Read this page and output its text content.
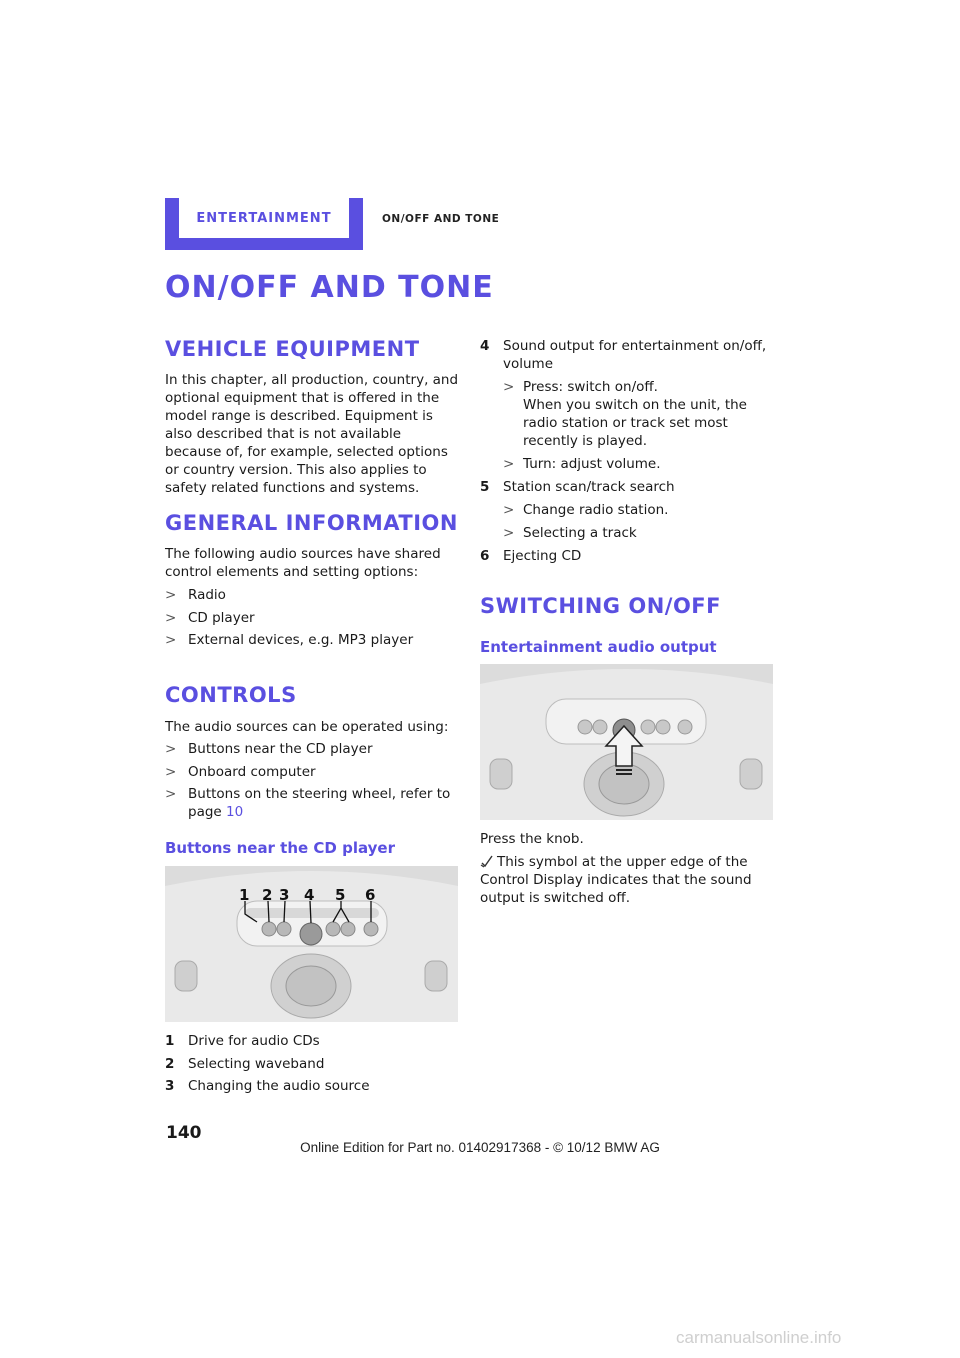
ENTERTAINMENT	ON/OFF AND TONE
ON/OFF AND TONE
VEHICLE EQUIPMENT

In this chapter, all production, country, and optional equipment that is offered in the model range is described. Equipment is also described that is not available because of, for example, selected options or country version. This also applies to safety related functions and systems.

GENERAL INFORMATION

The following audio sources have shared control elements and setting options:

> Radio
> CD player
> External devices, e.g. MP3 player
CONTROLS

The audio sources can be operated using:

> Buttons near the CD player
> Onboard computer
> Buttons on the steering wheel, refer to page 10
Buttons near the CD player
1 2 3 4 5 6
1	Drive for audio CDs
2	Selecting waveband
3	Changing the audio source
4	Sound output for entertainment on/off, volume
> Press: switch on/off.
When you switch on the unit, the radio station or track set most recently is played.
> Turn: adjust volume.
5	Station scan/track search
> Change radio station.
> Selecting a track
6	Ejecting CD
SWITCHING ON/OFF
Entertainment audio output

Press the knob.

This symbol at the upper edge of the Control Display indicates that the sound output is switched off.

140
Online Edition for Part no. 01402917368 - © 10/12 BMW AG
carmanualsonline.info
